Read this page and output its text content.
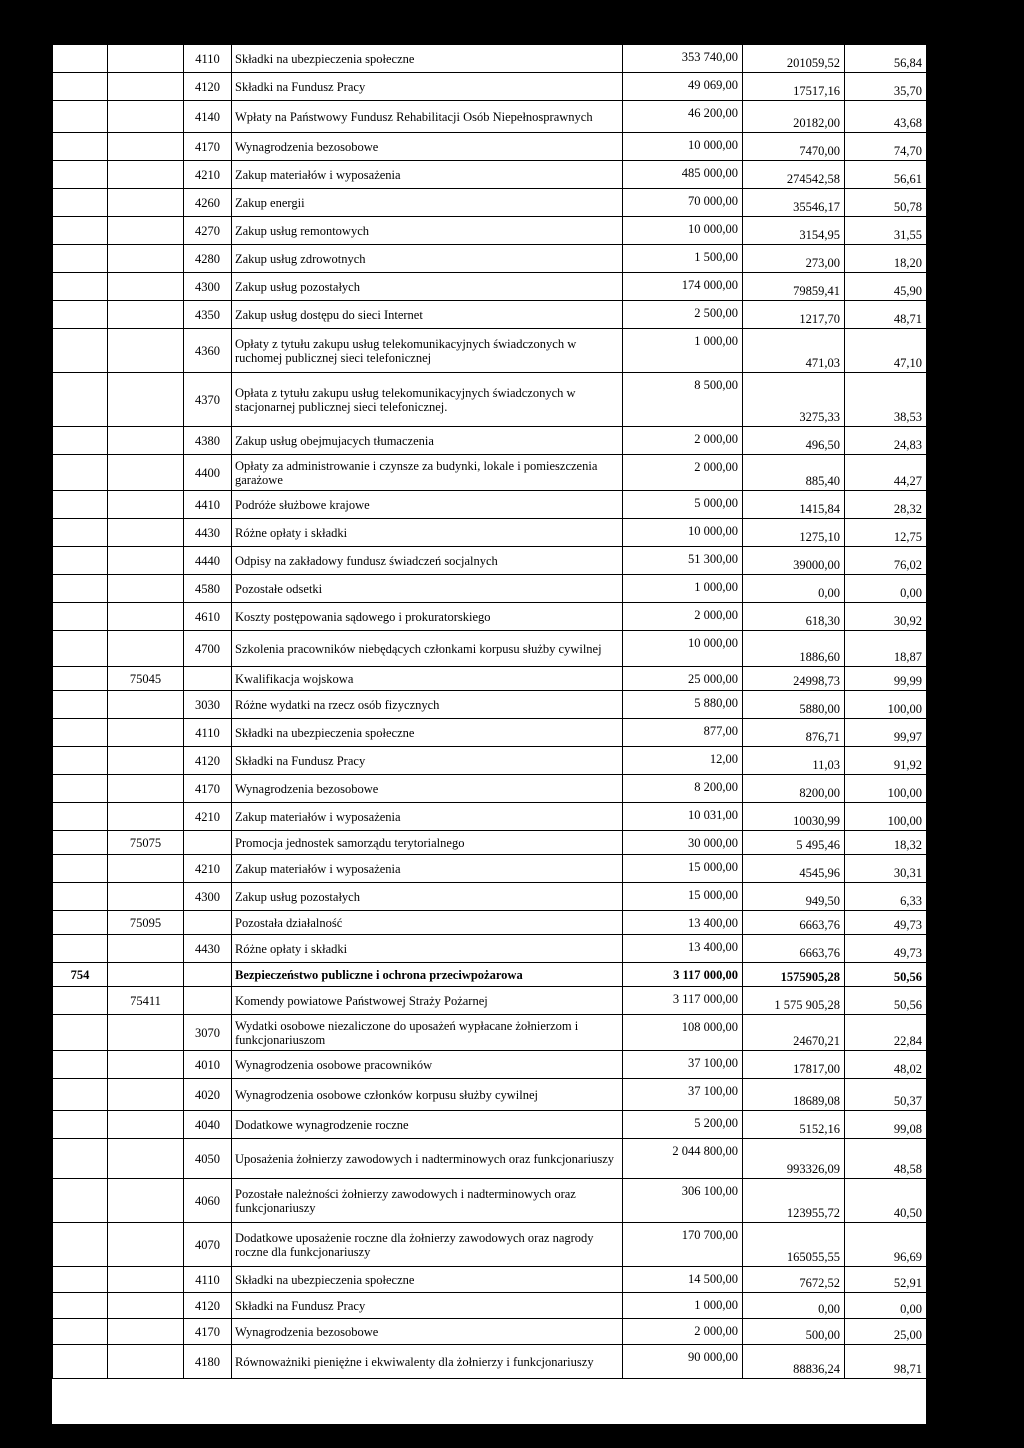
		4110	Składki na ubezpieczenia społeczne	353 740,00	201059,52	56,84
		4120	Składki na Fundusz Pracy	49 069,00	17517,16	35,70
		4140	Wpłaty na Państwowy Fundusz Rehabilitacji Osób Niepełnosprawnych	46 200,00	20182,00	43,68
		4170	Wynagrodzenia bezosobowe	10 000,00	7470,00	74,70
		4210	Zakup materiałów i wyposażenia	485 000,00	274542,58	56,61
		4260	Zakup energii	70 000,00	35546,17	50,78
		4270	Zakup usług remontowych	10 000,00	3154,95	31,55
		4280	Zakup usług zdrowotnych	1 500,00	273,00	18,20
		4300	Zakup usług pozostałych	174 000,00	79859,41	45,90
		4350	Zakup usług dostępu do sieci Internet	2 500,00	1217,70	48,71
		4360	Opłaty z tytułu zakupu usług telekomunikacyjnych świadczonych w ruchomej publicznej sieci telefonicznej	1 000,00	471,03	47,10
		4370	Opłata z tytułu zakupu usług telekomunikacyjnych świadczonych w stacjonarnej publicznej sieci telefonicznej.	8 500,00	3275,33	38,53
		4380	Zakup usług obejmujacych tłumaczenia	2 000,00	496,50	24,83
		4400	Opłaty za administrowanie i czynsze za budynki, lokale i pomieszczenia garażowe	2 000,00	885,40	44,27
		4410	Podróże służbowe krajowe	5 000,00	1415,84	28,32
		4430	Różne opłaty i składki	10 000,00	1275,10	12,75
		4440	Odpisy na zakładowy fundusz świadczeń socjalnych	51 300,00	39000,00	76,02
		4580	Pozostałe odsetki	1 000,00	0,00	0,00
		4610	Koszty postępowania sądowego i prokuratorskiego	2 000,00	618,30	30,92
		4700	Szkolenia pracowników niebędących członkami korpusu służby cywilnej	10 000,00	1886,60	18,87
	75045		Kwalifikacja wojskowa	25 000,00	24998,73	99,99
		3030	Różne wydatki na rzecz osób fizycznych	5 880,00	5880,00	100,00
		4110	Składki na ubezpieczenia społeczne	877,00	876,71	99,97
		4120	Składki na Fundusz Pracy	12,00	11,03	91,92
		4170	Wynagrodzenia bezosobowe	8 200,00	8200,00	100,00
		4210	Zakup materiałów i wyposażenia	10 031,00	10030,99	100,00
	75075		Promocja jednostek samorządu terytorialnego	30 000,00	5 495,46	18,32
		4210	Zakup materiałów i wyposażenia	15 000,00	4545,96	30,31
		4300	Zakup usług pozostałych	15 000,00	949,50	6,33
	75095		Pozostała działalność	13 400,00	6663,76	49,73
		4430	Różne opłaty i składki	13 400,00	6663,76	49,73
754			Bezpieczeństwo publiczne i ochrona przeciwpożarowa	3 117 000,00	1575905,28	50,56
	75411		Komendy powiatowe Państwowej Straży Pożarnej	3 117 000,00	1 575 905,28	50,56
		3070	Wydatki osobowe niezaliczone do uposażeń wypłacane żołnierzom i funkcjonariuszom	108 000,00	24670,21	22,84
		4010	Wynagrodzenia osobowe pracowników	37 100,00	17817,00	48,02
		4020	Wynagrodzenia osobowe członków korpusu służby cywilnej	37 100,00	18689,08	50,37
		4040	Dodatkowe wynagrodzenie roczne	5 200,00	5152,16	99,08
		4050	Uposażenia żołnierzy zawodowych i nadterminowych oraz funkcjonariuszy	2 044 800,00	993326,09	48,58
		4060	Pozostałe należności żołnierzy zawodowych i nadterminowych oraz funkcjonariuszy	306 100,00	123955,72	40,50
		4070	Dodatkowe uposażenie roczne dla żołnierzy zawodowych oraz nagrody roczne dla funkcjonariuszy	170 700,00	165055,55	96,69
		4110	Składki na ubezpieczenia społeczne	14 500,00	7672,52	52,91
		4120	Składki na Fundusz Pracy	1 000,00	0,00	0,00
		4170	Wynagrodzenia bezosobowe	2 000,00	500,00	25,00
		4180	Równoważniki pieniężne i ekwiwalenty dla żołnierzy i funkcjonariuszy	90 000,00	88836,24	98,71
